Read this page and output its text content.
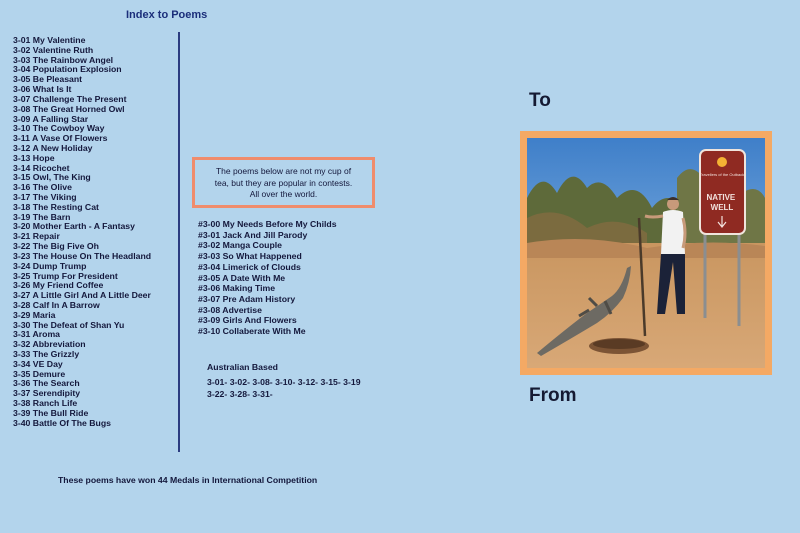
Index to Poems
3-01 My Valentine
3-02 Valentine Ruth
3-03 The Rainbow Angel
3-04 Population Explosion
3-05 Be Pleasant
3-06 What Is It
3-07 Challenge The Present
3-08 The Great Horned Owl
3-09 A Falling Star
3-10 The Cowboy Way
3-11 A Vase Of Flowers
3-12 A New Holiday
3-13 Hope
3-14 Ricochet
3-15 Owl, The King
3-16 The Olive
3-17 The Viking
3-18 The Resting Cat
3-19 The Barn
3-20 Mother Earth - A Fantasy
3-21 Repair
3-22 The Big Five Oh
3-23 The House On The Headland
3-24 Dump Trump
3-25 Trump For President
3-26 My Friend Coffee
3-27 A Little Girl And A Little Deer
3-28 Calf In A Barrow
3-29 Maria
3-30 The Defeat of Shan Yu
3-31 Aroma
3-32 Abbreviation
3-33 The Grizzly
3-34 VE Day
3-35 Demure
3-36 The Search
3-37 Serendipity
3-38 Ranch Life
3-39 The Bull Ride
3-40 Battle Of The Bugs
The poems below are not my cup of
tea, but they are popular in contests.
All over the world.
#3-00 My Needs Before My Childs
#3-01 Jack And Jill Parody
#3-02 Manga Couple
#3-03 So What Happened
#3-04 Limerick of Clouds
#3-05 A Date With Me
#3-06 Making Time
#3-07 Pre Adam History
#3-08 Advertise
#3-09 Girls And Flowers
#3-10 Collaberate With Me
Australian Based
3-01- 3-02- 3-08- 3-10- 3-12- 3-15- 3-19
3-22- 3-28- 3-31-
These poems have won 44 Medals in International Competition
To
From
Travellers of the Outback
NATIVE WELL
